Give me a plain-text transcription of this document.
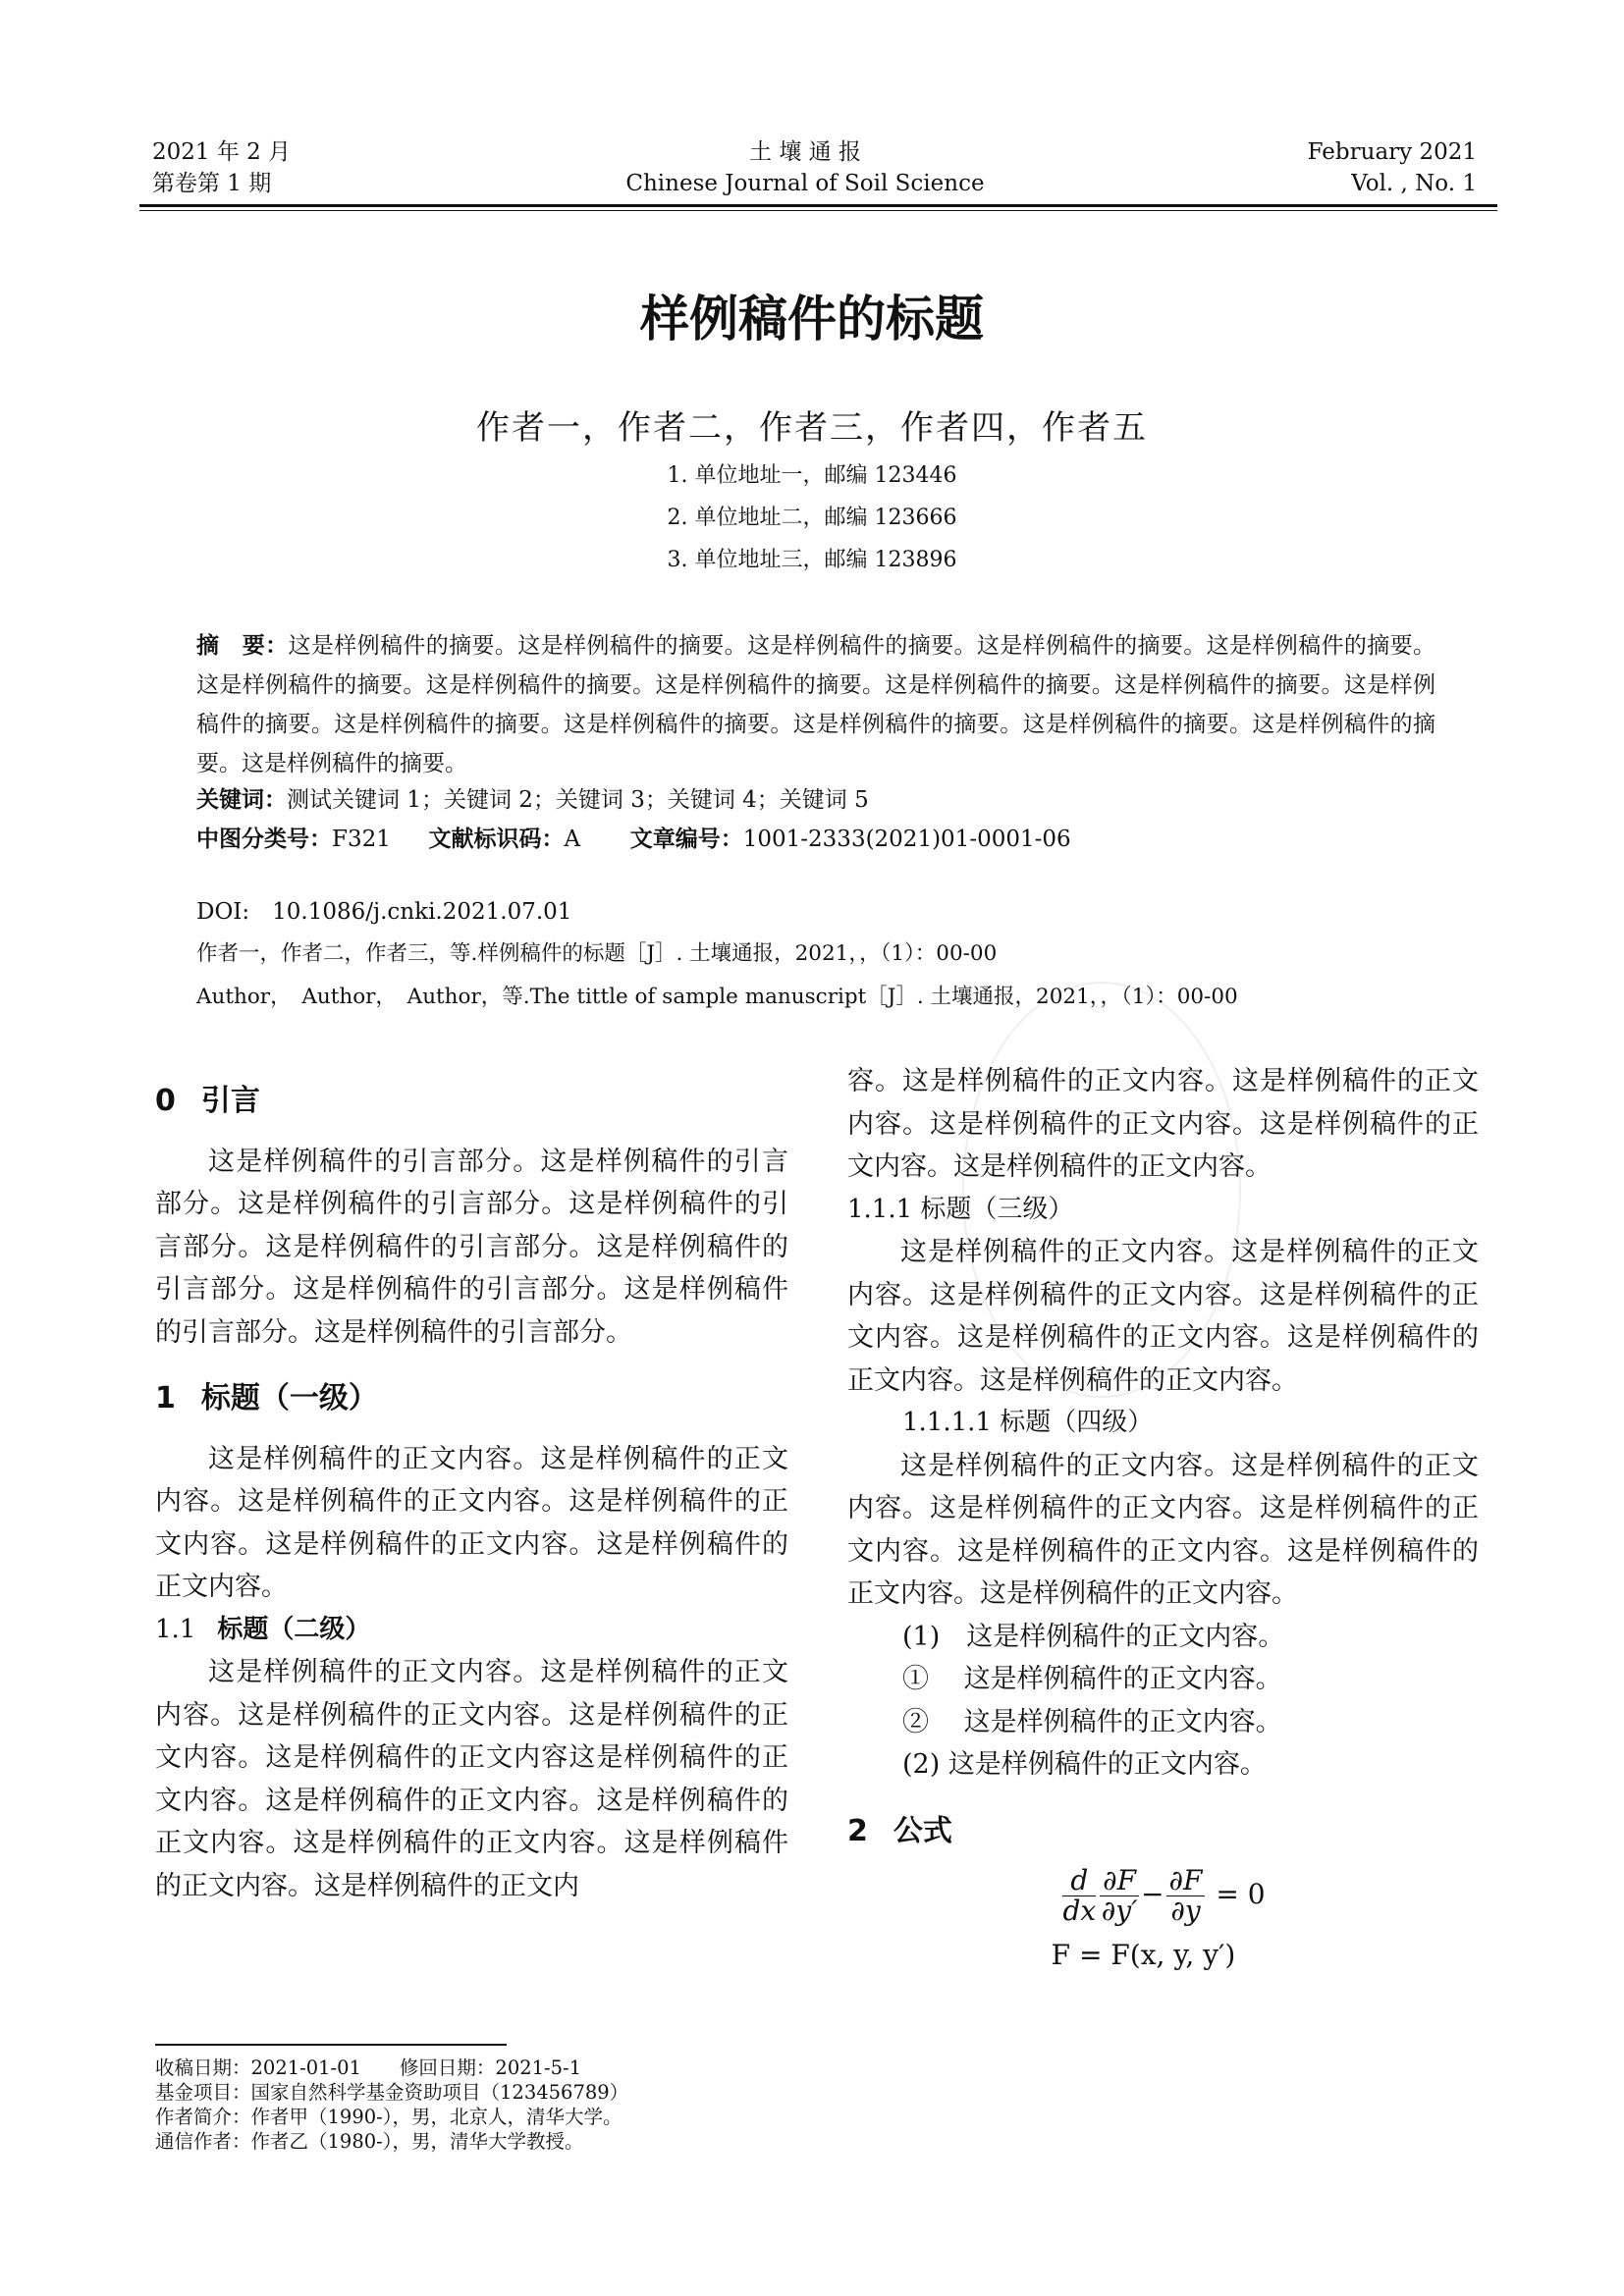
2021 年 2 月
第卷第 1 期
土 壤 通 报
Chinese Journal of Soil Science
February 2021
Vol. , No. 1
样例稿件的标题
作者一，作者二，作者三，作者四，作者五
1. 单位地址一，邮编 123446
2. 单位地址二，邮编 123666
3. 单位地址三，邮编 123896
摘　要：这是样例稿件的摘要。这是样例稿件的摘要。这是样例稿件的摘要。这是样例稿件的摘要。这是样例稿件的摘要。这是样例稿件的摘要。这是样例稿件的摘要。这是样例稿件的摘要。这是样例稿件的摘要。这是样例稿件的摘要。这是样例稿件的摘要。这是样例稿件的摘要。这是样例稿件的摘要。这是样例稿件的摘要。这是样例稿件的摘要。这是样例稿件的摘要。这是样例稿件的摘要。
关键词：测试关键词 1；关键词 2；关键词 3；关键词 4；关键词 5
中图分类号：F321 文献标识码：A 文章编号：1001-2333(2021)01-0001-06
DOI:　10.1086/j.cnki.2021.07.01
作者一，作者二，作者三，等.样例稿件的标题［J］. 土壤通报，2021，，（1）：00-00
Author，　Author，　Author，等.The tittle of sample manuscript［J］. 土壤通报，2021，，（1）：00-00
0 引言

这是样例稿件的引言部分。这是样例稿件的引言部分。这是样例稿件的引言部分。这是样例稿件的引言部分。这是样例稿件的引言部分。这是样例稿件的引言部分。这是样例稿件的引言部分。这是样例稿件的引言部分。这是样例稿件的引言部分。

1 标题（一级）

这是样例稿件的正文内容。这是样例稿件的正文内容。这是样例稿件的正文内容。这是样例稿件的正文内容。这是样例稿件的正文内容。这是样例稿件的正文内容。

1.1 标题（二级）

这是样例稿件的正文内容。这是样例稿件的正文内容。这是样例稿件的正文内容。这是样例稿件的正文内容。这是样例稿件的正文内容这是样例稿件的正文内容。这是样例稿件的正文内容。这是样例稿件的正文内容。这是样例稿件的正文内容。这是样例稿件的正文内容。这是样例稿件的正文内

容。这是样例稿件的正文内容。这是样例稿件的正文内容。这是样例稿件的正文内容。这是样例稿件的正文内容。这是样例稿件的正文内容。

1.1.1 标题（三级）

这是样例稿件的正文内容。这是样例稿件的正文内容。这是样例稿件的正文内容。这是样例稿件的正文内容。这是样例稿件的正文内容。这是样例稿件的正文内容。这是样例稿件的正文内容。

1.1.1.1 标题（四级）

这是样例稿件的正文内容。这是样例稿件的正文内容。这是样例稿件的正文内容。这是样例稿件的正文内容。这是样例稿件的正文内容。这是样例稿件的正文内容。这是样例稿件的正文内容。

(1)　这是样例稿件的正文内容。
①　 这是样例稿件的正文内容。
②　 这是样例稿件的正文内容。
(2) 这是样例稿件的正文内容。
2 公式
$\frac{d}{dx} \frac{\partial F}{\partial y'} - \frac{\partial F}{\partial y} = 0$
F = F(x, y, y′)
收稿日期：2021-01-01　　修回日期：2021-5-1
基金项目：国家自然科学基金资助项目（123456789）
作者简介：作者甲（1990-），男，北京人，清华大学。
通信作者：作者乙（1980-），男，清华大学教授。
